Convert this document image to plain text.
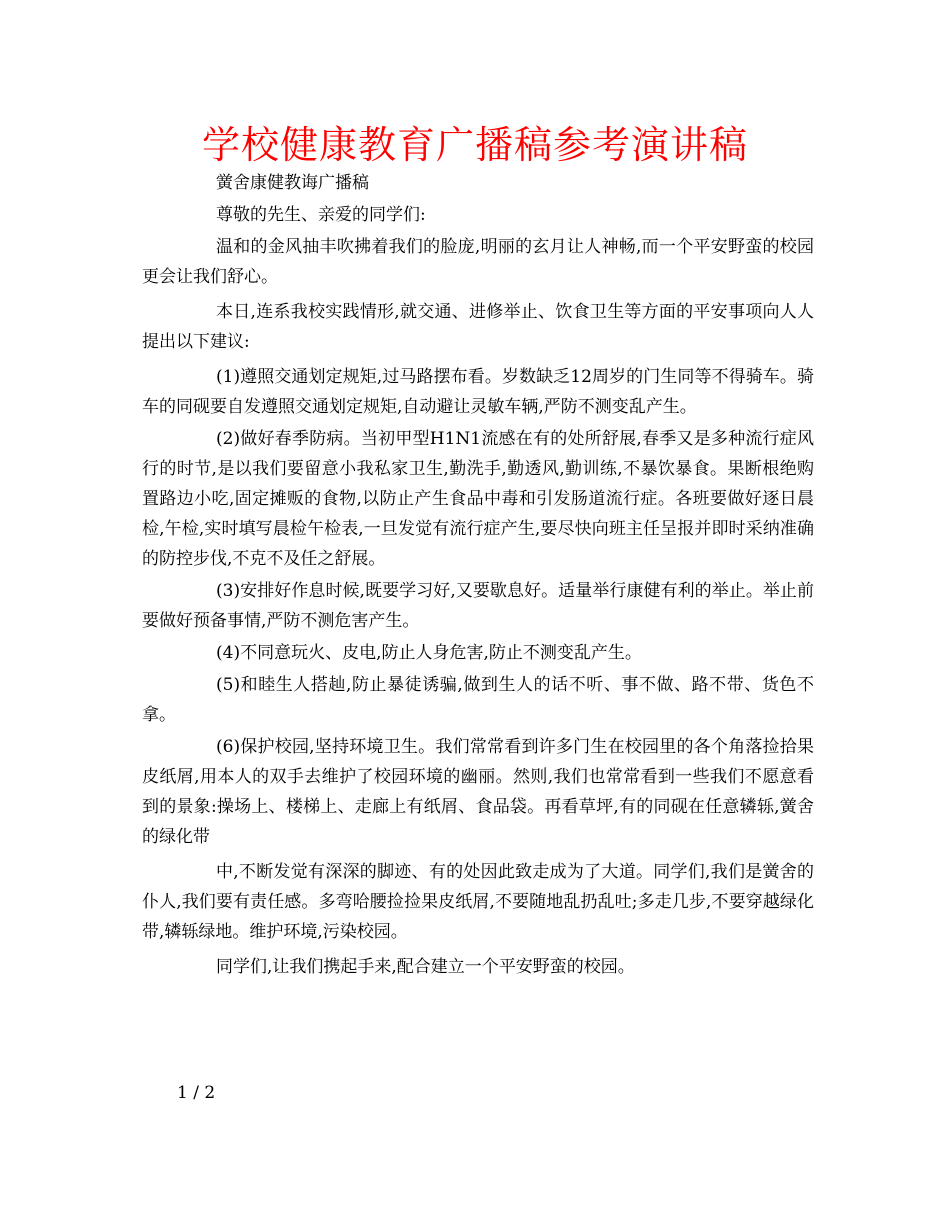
学校健康教育广播稿参考演讲稿

黉舍康健教诲广播稿

尊敬的先生、亲爱的同学们:

温和的金风抽丰吹拂着我们的脸庞,明丽的玄月让人神畅,而一个平安野蛮的校园更会让我们舒心。

本日,连系我校实践情形,就交通、进修举止、饮食卫生等方面的平安事项向人人提出以下建议:

(1)遵照交通划定规矩,过马路摆布看。岁数缺乏12周岁的门生同等不得骑车。骑车的同砚要自发遵照交通划定规矩,自动避让灵敏车辆,严防不测变乱产生。

(2)做好春季防病。当初甲型H1N1流感在有的处所舒展,春季又是多种流行症风行的时节,是以我们要留意小我私家卫生,勤洗手,勤透风,勤训练,不暴饮暴食。果断根绝购置路边小吃,固定摊贩的食物,以防止产生食品中毒和引发肠道流行症。各班要做好逐日晨检,午检,实时填写晨检午检表,一旦发觉有流行症产生,要尽快向班主任呈报并即时采纳准确的防控步伐,不克不及任之舒展。

(3)安排好作息时候,既要学习好,又要歇息好。适量举行康健有利的举止。举止前要做好预备事情,严防不测危害产生。

(4)不同意玩火、皮电,防止人身危害,防止不测变乱产生。

(5)和睦生人搭赸,防止暴徒诱骗,做到生人的话不听、事不做、路不带、货色不拿。

(6)保护校园,坚持环境卫生。我们常常看到许多门生在校园里的各个角落捡拾果皮纸屑,用本人的双手去维护了校园环境的幽丽。然则,我们也常常看到一些我们不愿意看到的景象:操场上、楼梯上、走廊上有纸屑、食品袋。再看草坪,有的同砚在任意辚轹,黉舍的绿化带

中,不断发觉有深深的脚迹、有的处因此致走成为了大道。同学们,我们是黉舍的仆人,我们要有责任感。多弯哈腰捡捡果皮纸屑,不要随地乱扔乱吐;多走几步,不要穿越绿化带,辚轹绿地。维护环境,污染校园。

同学们,让我们携起手来,配合建立一个平安野蛮的校园。

1 / 2
